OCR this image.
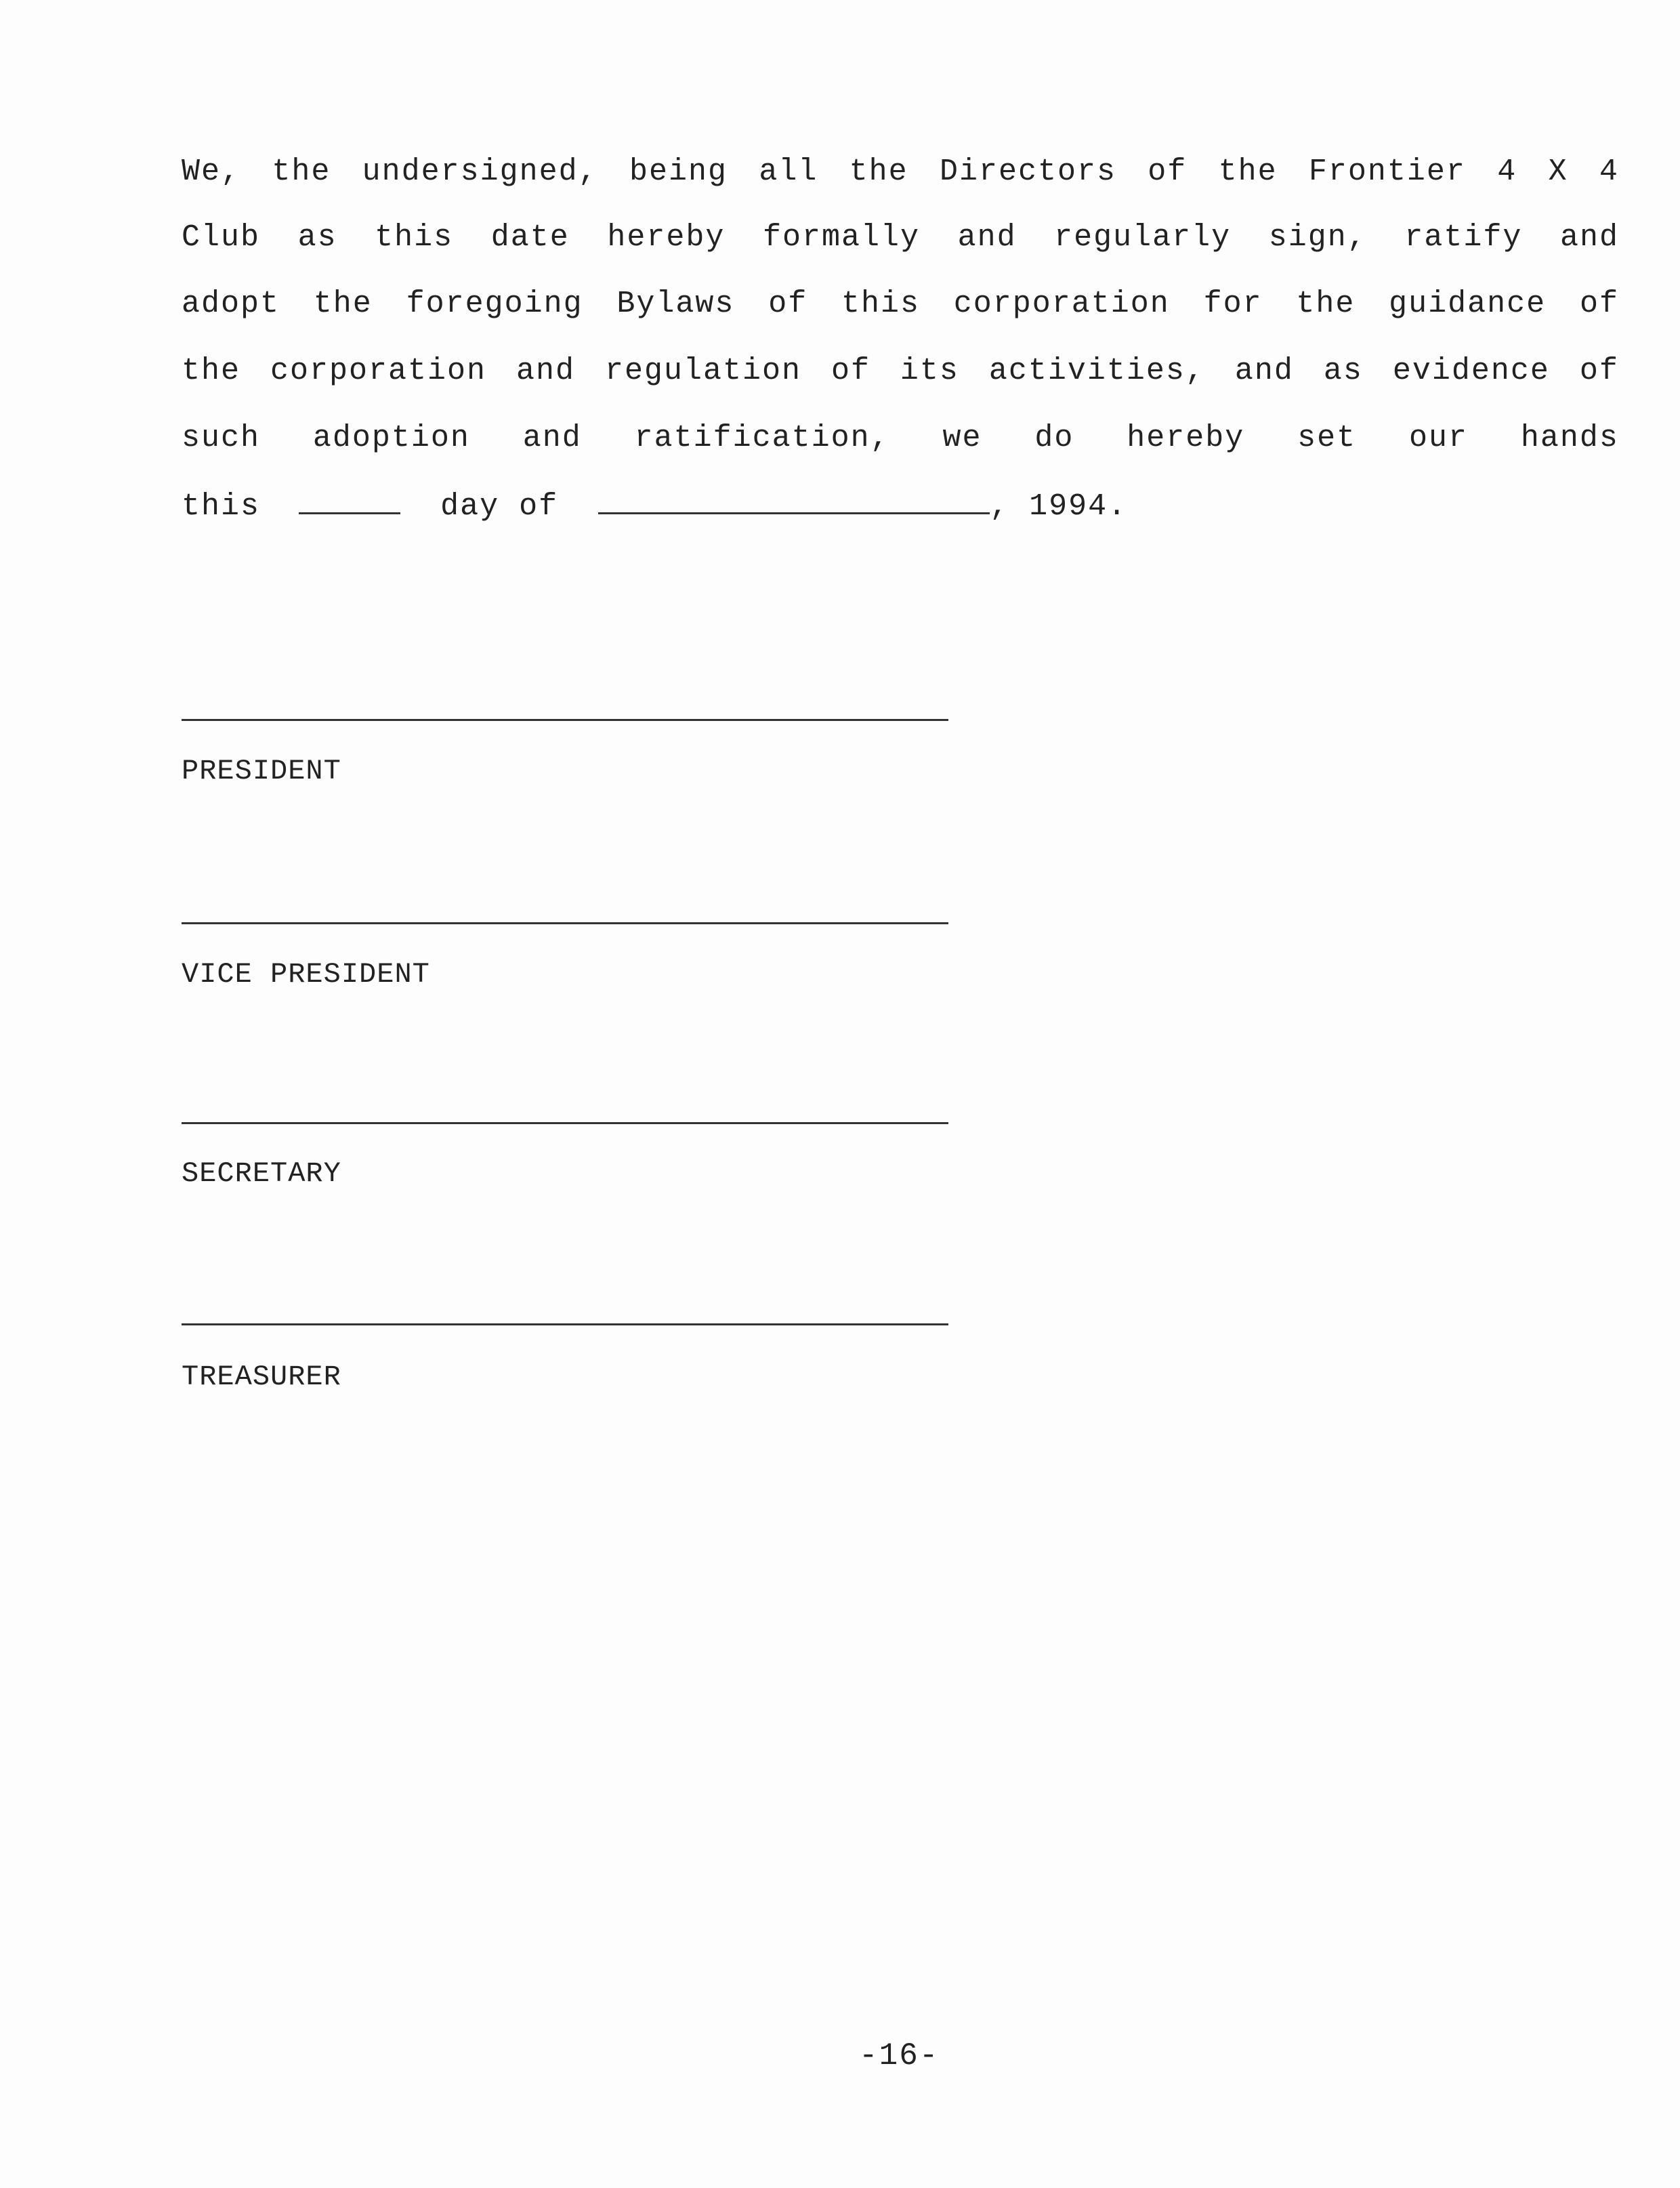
We, the undersigned, being all the Directors of the Frontier 4 X 4
Club as this date hereby formally and regularly sign, ratify and
adopt the foregoing Bylaws of this corporation for the guidance of
the corporation and regulation of its activities, and as evidence of
such adoption and ratification, we do hereby set our hands
this	day of	, 1994.
PRESIDENT
VICE PRESIDENT
SECRETARY
TREASURER
-16-
